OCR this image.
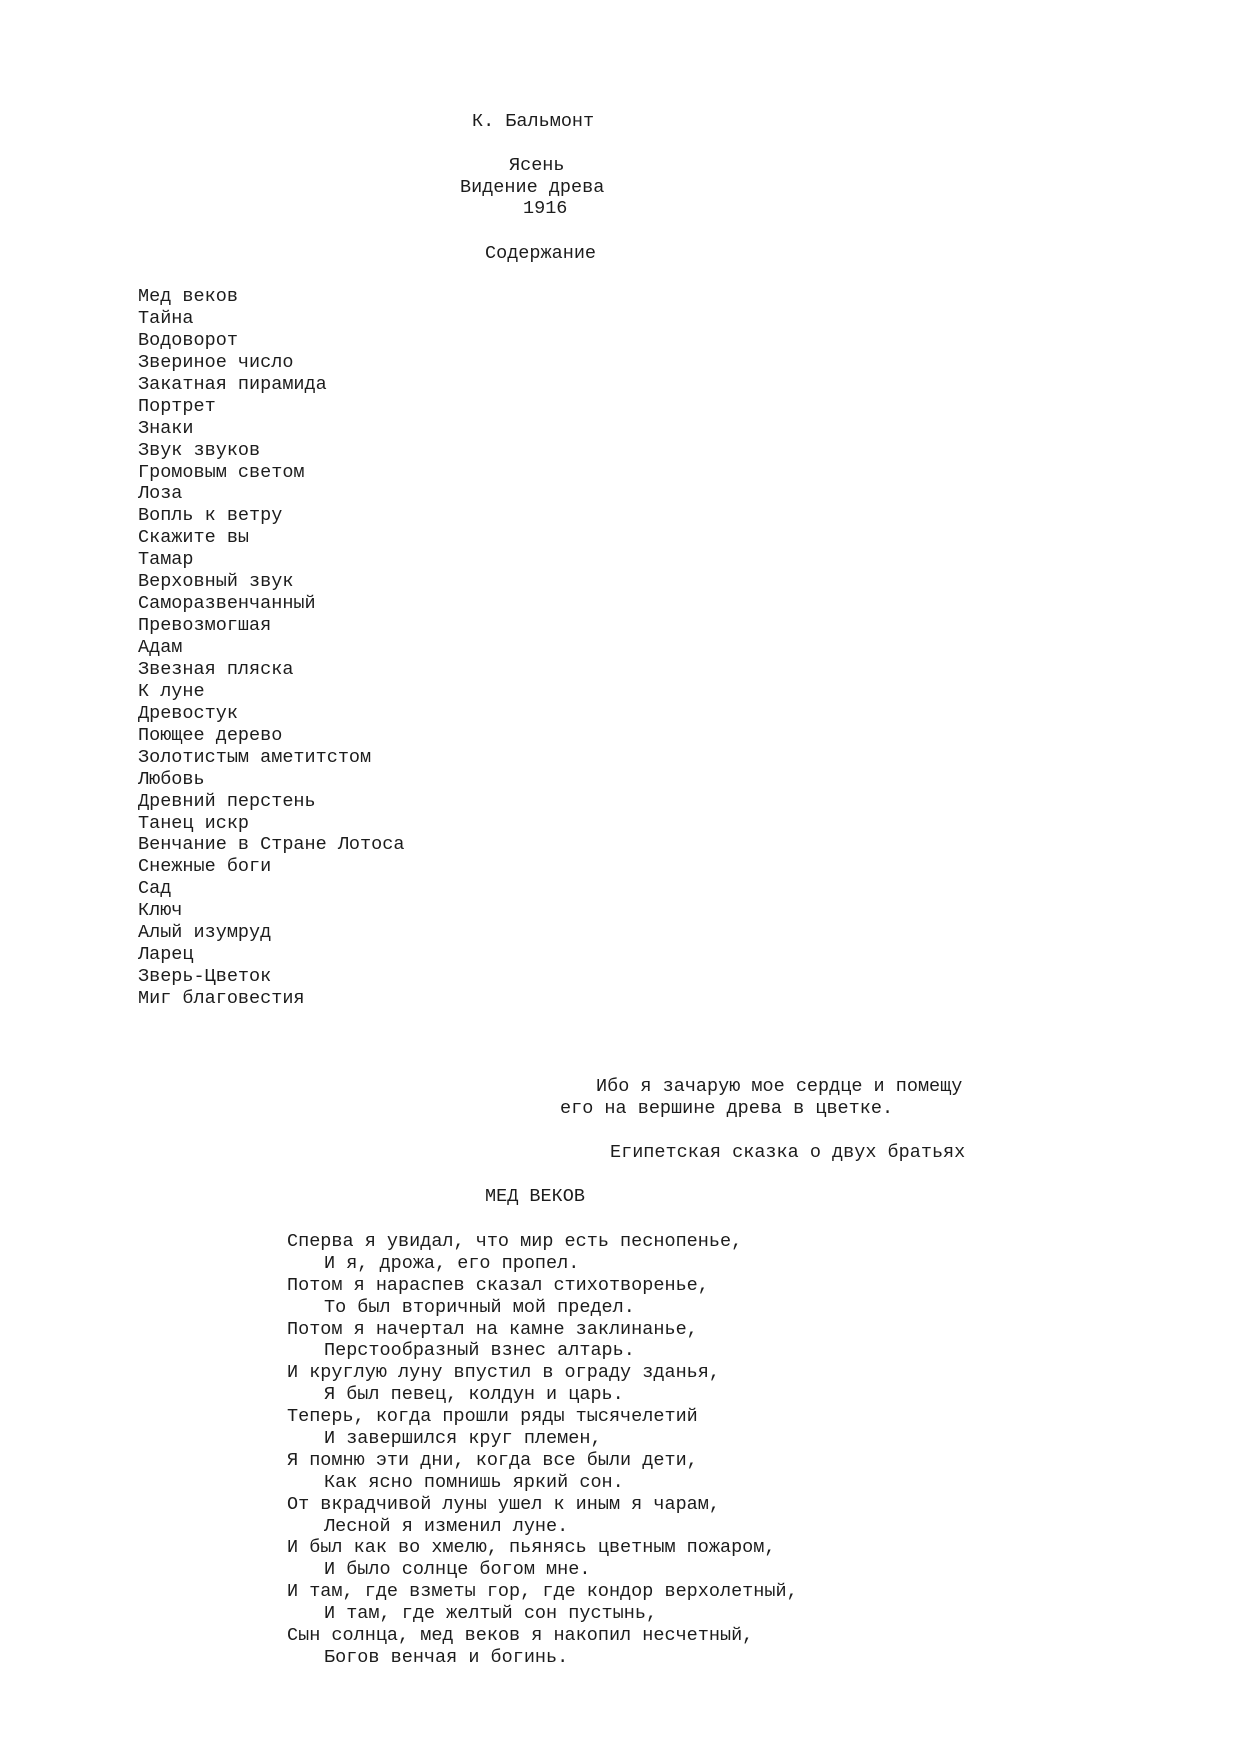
К. Бальмонт
Ясень
Видение древа
1916
Содержание
Мед веков
Тайна
Водоворот
Звериное число
Закатная пирамида
Портрет
Знаки
Звук звуков
Громовым светом
Лоза
Вопль к ветру
Скажите вы
Тамар
Верховный звук
Саморазвенчанный
Превозмогшая
Адам
Звезная пляска
К луне
Древостук
Поющее дерево
Золотистым аметитстом
Любовь
Древний перстень
Танец искр
Венчание в Стране Лотоса
Снежные боги
Сад
Ключ
Алый изумруд
Ларец
Зверь-Цветок
Миг благовестия
Ибо я зачарую мое сердце и помещу
его на вершине древа в цветке.
Египетская сказка о двух братьях
МЕД ВЕКОВ
Сперва я увидал, что мир есть песнопенье,
И я, дрожа, его пропел.
Потом я нараспев сказал стихотворенье,
То был вторичный мой предел.
Потом я начертал на камне заклинанье,
Перстообразный взнес алтарь.
И круглую луну впустил в ограду зданья,
Я был певец, колдун и царь.
Теперь, когда прошли ряды тысячелетий
И завершился круг племен,
Я помню эти дни, когда все были дети,
Как ясно помнишь яркий сон.
От вкрадчивой луны ушел к иным я чарам,
Лесной я изменил луне.
И был как во хмелю, пьянясь цветным пожаром,
И было солнце богом мне.
И там, где взметы гор, где кондор верхолетный,
И там, где желтый сон пустынь,
Сын солнца, мед веков я накопил несчетный,
Богов венчая и богинь.
